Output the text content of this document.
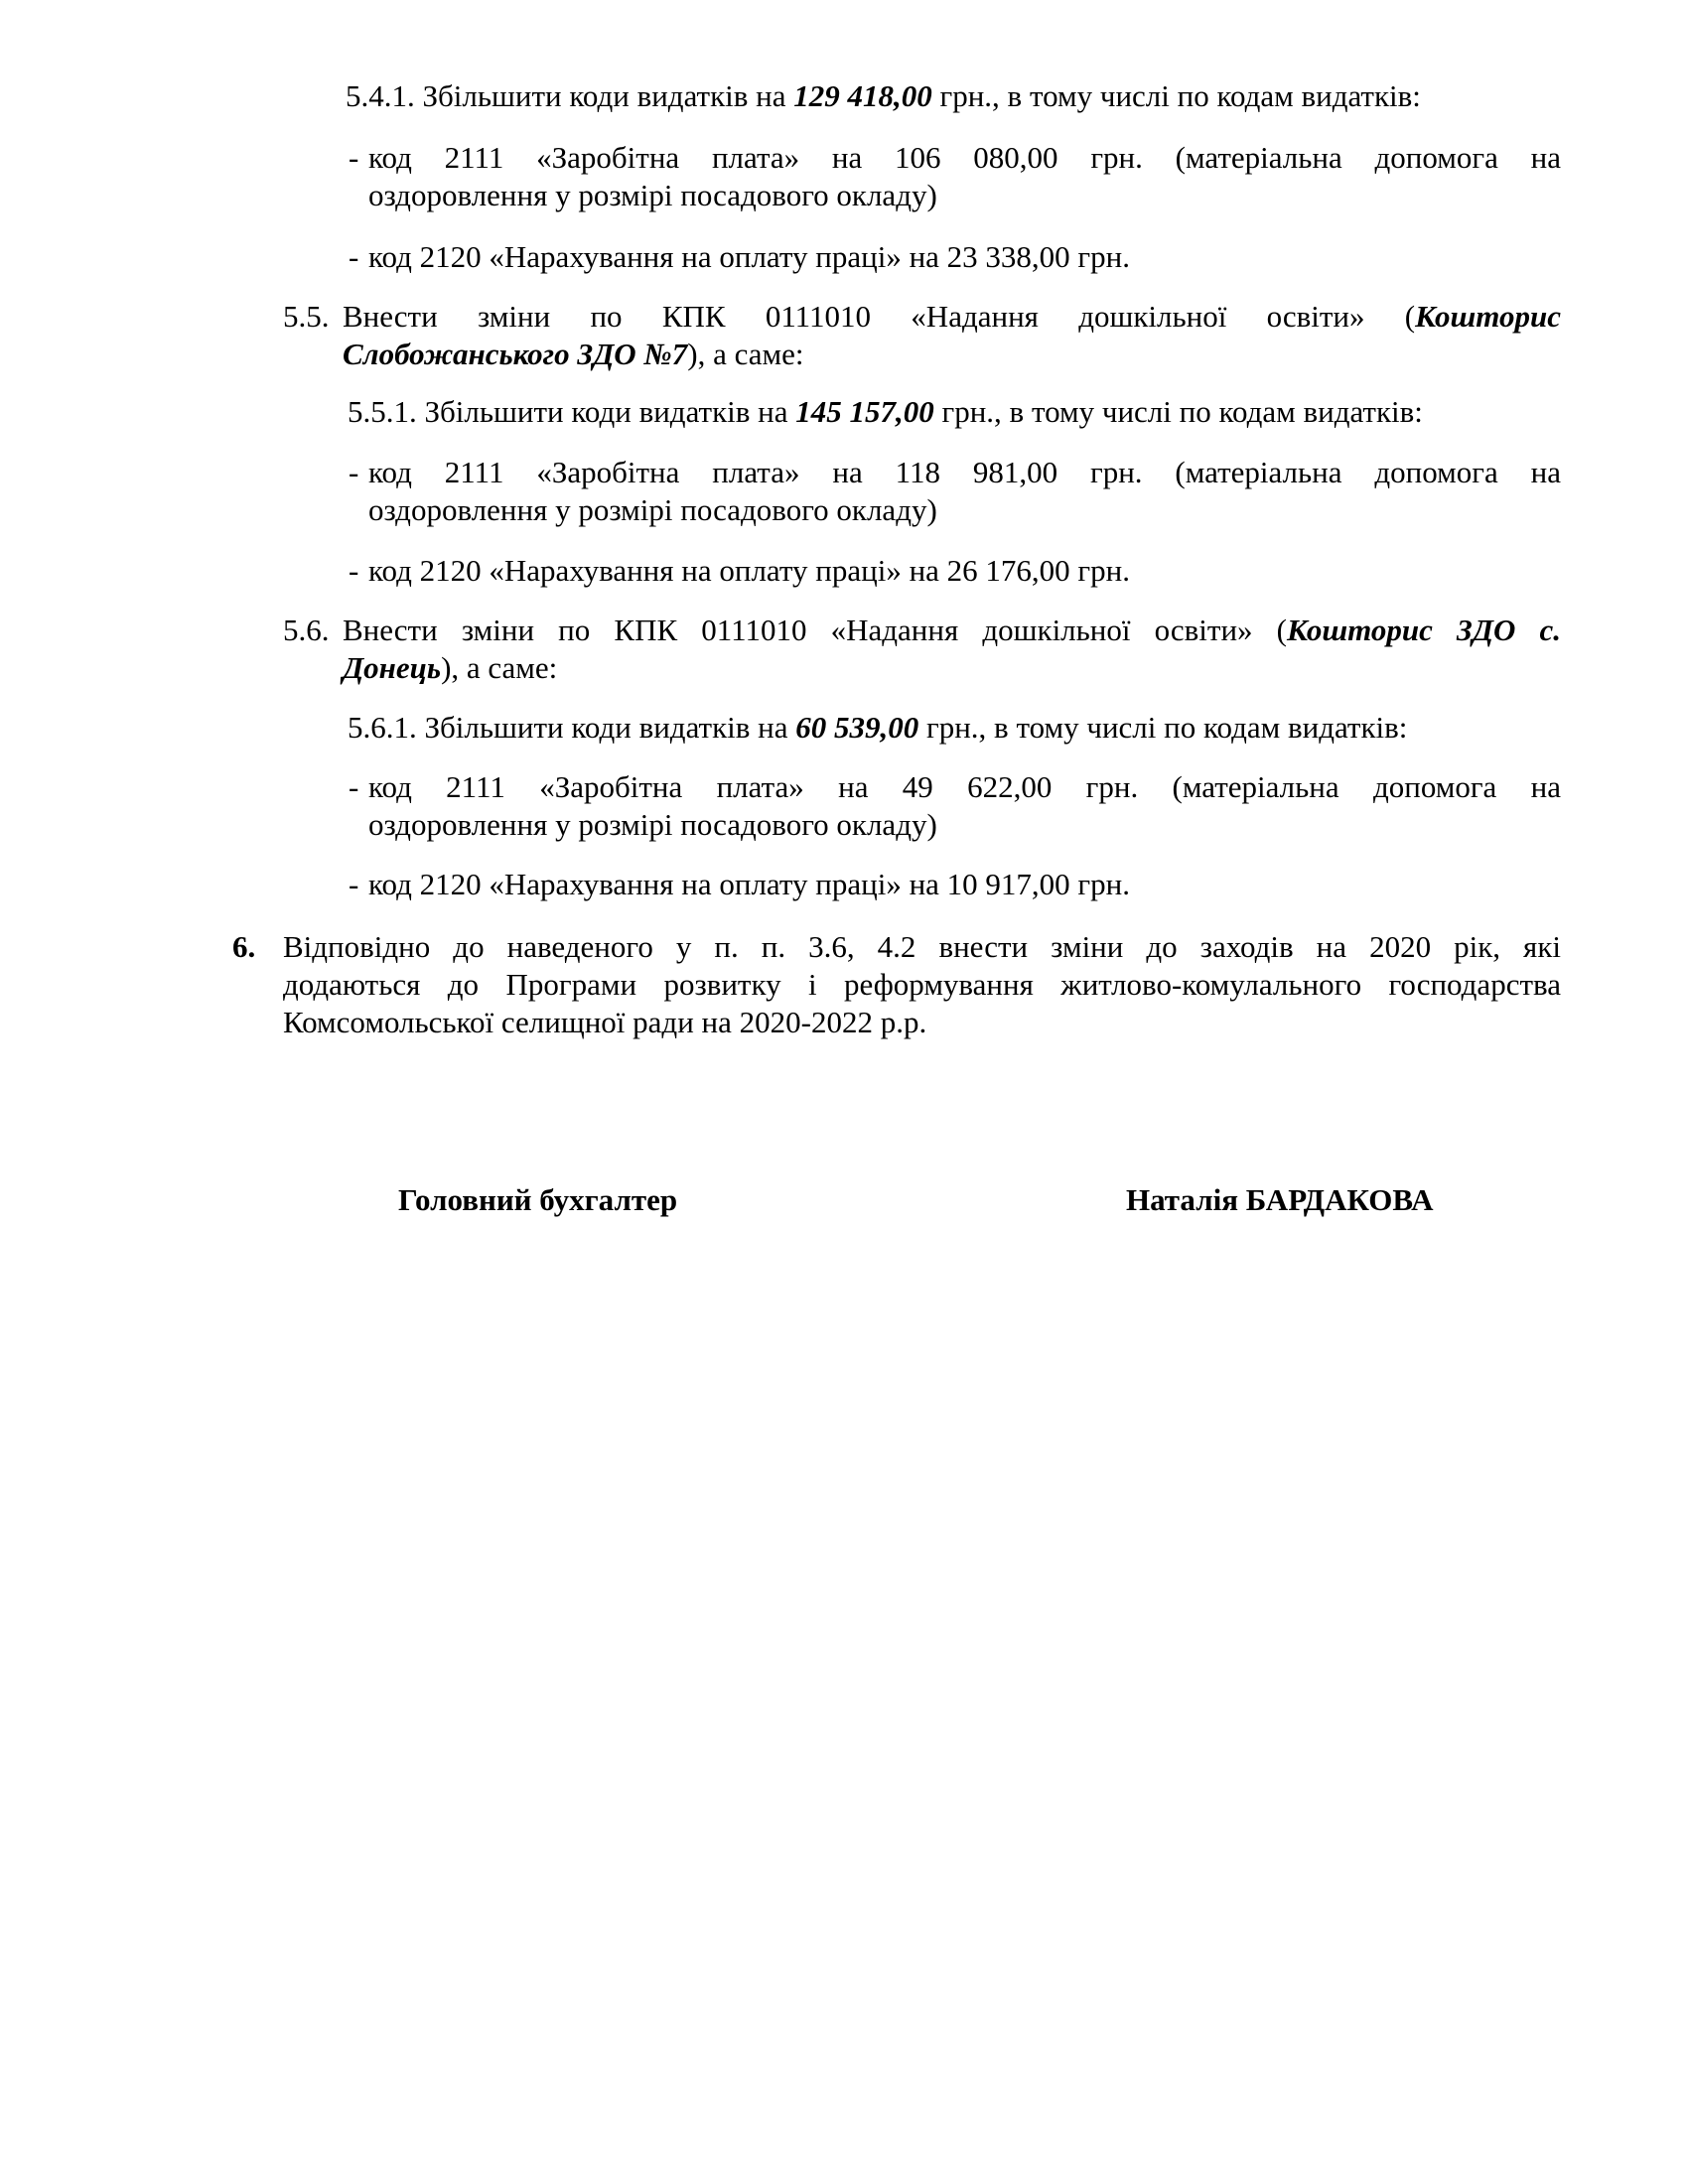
5.4.1. Збільшити коди видатків на 129 418,00 грн., в тому числі по кодам видатків:
- код 2111 «Заробітна плата» на 106 080,00 грн. (матеріальна допомога на
оздоровлення у розмірі посадового окладу)
- код 2120 «Нарахування на оплату праці» на 23 338,00 грн.
5.5. Внести зміни по КПК 0111010 «Надання дошкільної освіти» (Кошторис
Слобожанського ЗДО №7), а саме:
5.5.1. Збільшити коди видатків на 145 157,00 грн., в тому числі по кодам видатків:
- код 2111 «Заробітна плата» на 118 981,00 грн. (матеріальна допомога на
оздоровлення у розмірі посадового окладу)
- код 2120 «Нарахування на оплату праці» на 26 176,00 грн.
5.6. Внести зміни по КПК 0111010 «Надання дошкільної освіти» (Кошторис ЗДО с.
Донець), а саме:
5.6.1. Збільшити коди видатків на 60 539,00 грн., в тому числі по кодам видатків:
- код 2111 «Заробітна плата» на 49 622,00 грн. (матеріальна допомога на
оздоровлення у розмірі посадового окладу)
- код 2120 «Нарахування на оплату праці» на 10 917,00 грн.
6. Відповідно до наведеного у п. п. 3.6, 4.2 внести зміни до заходів на 2020 рік, які
додаються до Програми розвитку і реформування житлово-комулального господарства
Комсомольської селищної ради на 2020-2022 р.р.
Головний бухгалтер	Наталія БАРДАКОВА
